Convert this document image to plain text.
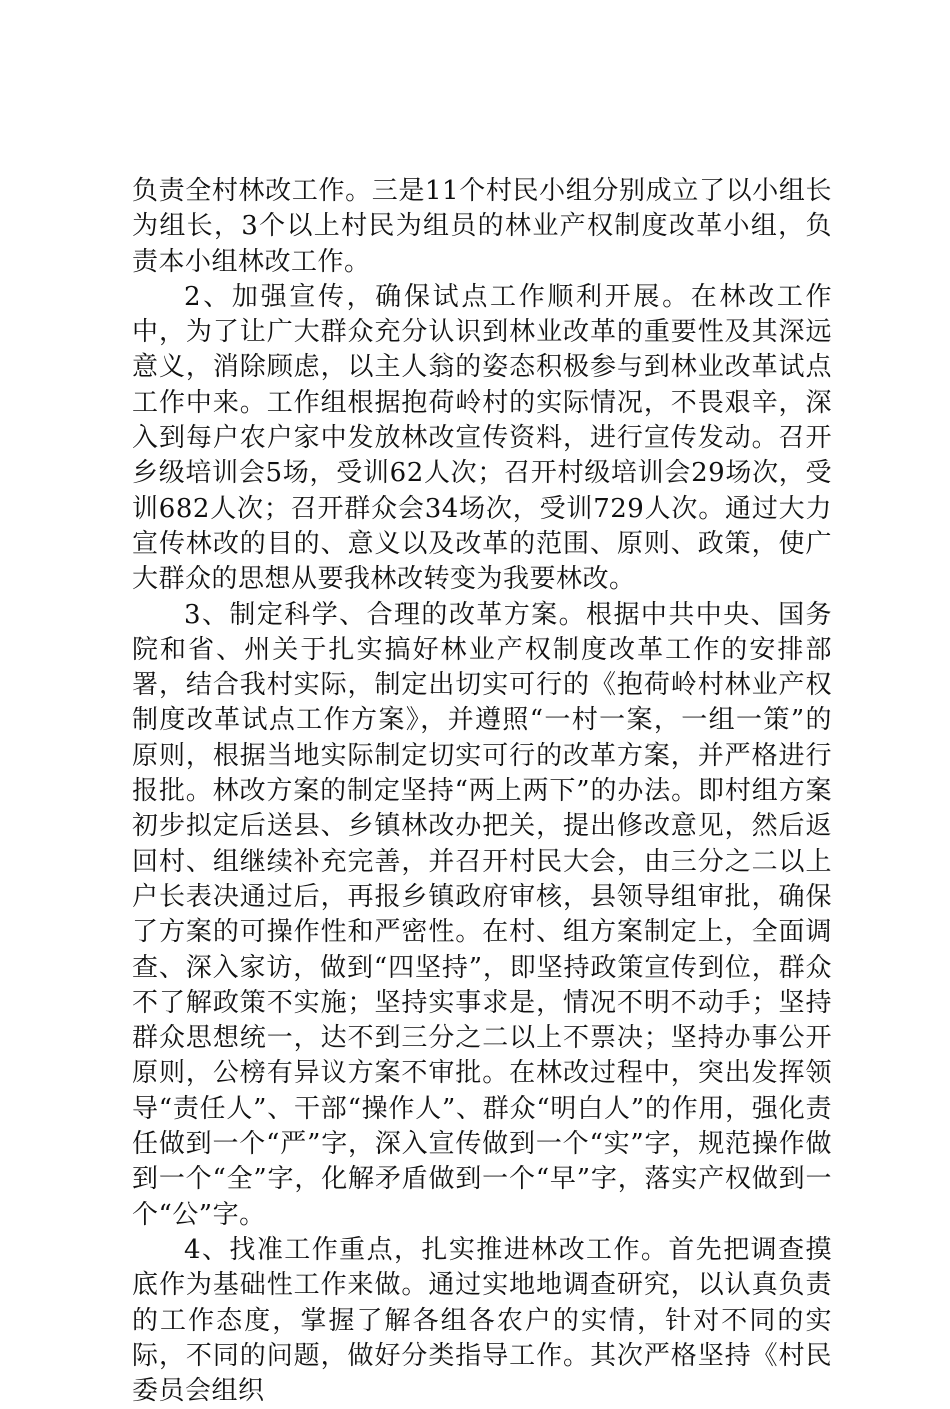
负责全村林改工作。三是11个村民小组分别成立了以小组长为组长，3个以上村民为组员的林业产权制度改革小组，负责本小组林改工作。

2、加强宣传，确保试点工作顺利开展。在林改工作中，为了让广大群众充分认识到林业改革的重要性及其深远意义，消除顾虑，以主人翁的姿态积极参与到林业改革试点工作中来。工作组根据抱荷岭村的实际情况，不畏艰辛，深入到每户农户家中发放林改宣传资料，进行宣传发动。召开乡级培训会5场，受训62人次；召开村级培训会29场次，受训682人次；召开群众会34场次，受训729人次。通过大力宣传林改的目的、意义以及改革的范围、原则、政策，使广大群众的思想从要我林改转变为我要林改。

3、制定科学、合理的改革方案。根据中共中央、国务院和省、州关于扎实搞好林业产权制度改革工作的安排部署，结合我村实际，制定出切实可行的《抱荷岭村林业产权制度改革试点工作方案》，并遵照“一村一案，一组一策”的原则，根据当地实际制定切实可行的改革方案，并严格进行报批。林改方案的制定坚持“两上两下”的办法。即村组方案初步拟定后送县、乡镇林改办把关，提出修改意见，然后返回村、组继续补充完善，并召开村民大会，由三分之二以上户长表决通过后，再报乡镇政府审核，县领导组审批，确保了方案的可操作性和严密性。在村、组方案制定上，全面调查、深入家访，做到“四坚持”，即坚持政策宣传到位，群众不了解政策不实施；坚持实事求是，情况不明不动手；坚持群众思想统一，达不到三分之二以上不票决；坚持办事公开原则，公榜有异议方案不审批。在林改过程中，突出发挥领导“责任人”、干部“操作人”、群众“明白人”的作用，强化责任做到一个“严”字，深入宣传做到一个“实”字，规范操作做到一个“全”字，化解矛盾做到一个“早”字，落实产权做到一个“公”字。

4、找准工作重点，扎实推进林改工作。首先把调查摸底作为基础性工作来做。通过实地地调查研究，以认真负责的工作态度，掌握了解各组各农户的实情，针对不同的实际，不同的问题，做好分类指导工作。其次严格坚持《村民委员会组织
